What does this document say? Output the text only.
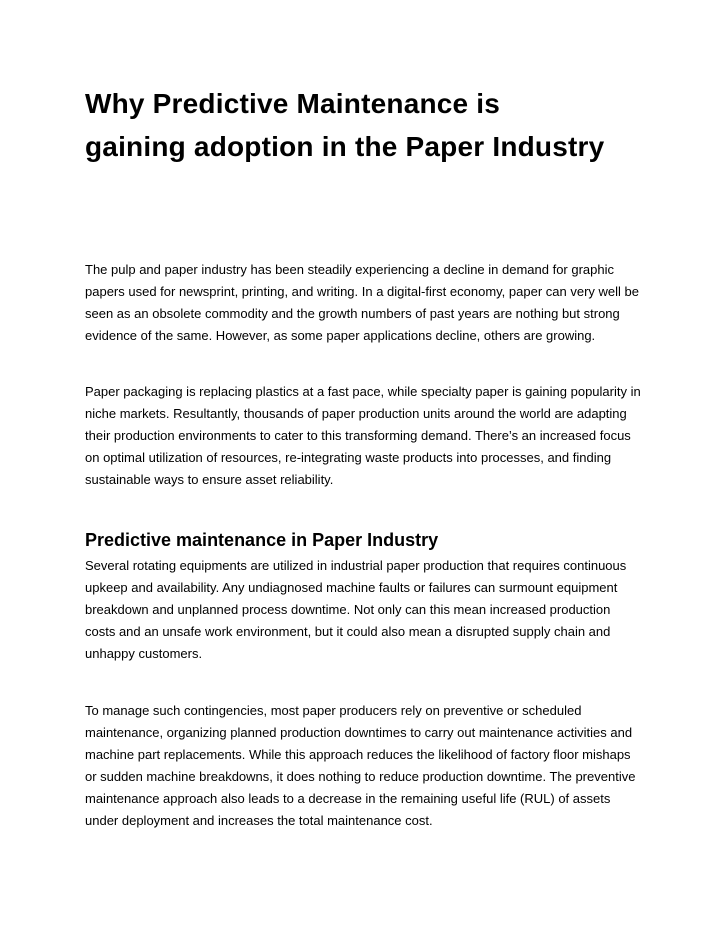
Why Predictive Maintenance is gaining adoption in the Paper Industry

The pulp and paper industry has been steadily experiencing a decline in demand for graphic papers used for newsprint, printing, and writing. In a digital-first economy, paper can very well be seen as an obsolete commodity and the growth numbers of past years are nothing but strong evidence of the same. However, as some paper applications decline, others are growing.

Paper packaging is replacing plastics at a fast pace, while specialty paper is gaining popularity in niche markets. Resultantly, thousands of paper production units around the world are adapting their production environments to cater to this transforming demand. There’s an increased focus on optimal utilization of resources, re-integrating waste products into processes, and finding sustainable ways to ensure asset reliability.

Predictive maintenance in Paper Industry

Several rotating equipments are utilized in industrial paper production that requires continuous upkeep and availability. Any undiagnosed machine faults or failures can surmount equipment breakdown and unplanned process downtime. Not only can this mean increased production costs and an unsafe work environment, but it could also mean a disrupted supply chain and unhappy customers.

To manage such contingencies, most paper producers rely on preventive or scheduled maintenance, organizing planned production downtimes to carry out maintenance activities and machine part replacements. While this approach reduces the likelihood of factory floor mishaps or sudden machine breakdowns, it does nothing to reduce production downtime. The preventive maintenance approach also leads to a decrease in the remaining useful life (RUL) of assets under deployment and increases the total maintenance cost.
